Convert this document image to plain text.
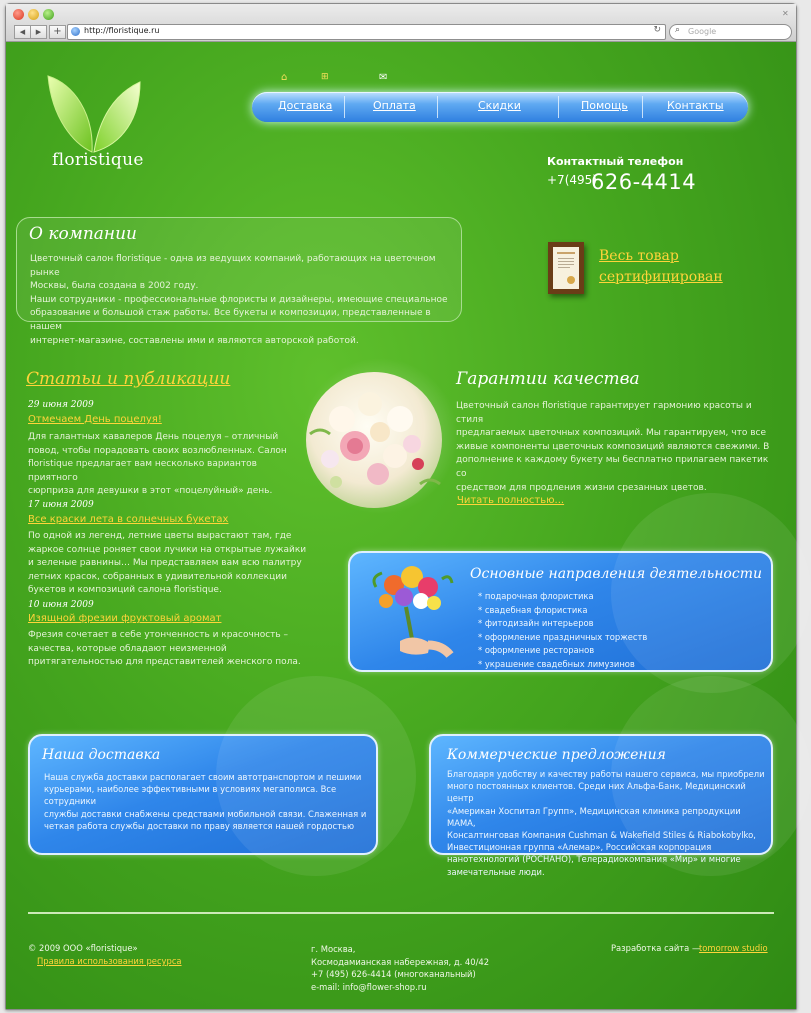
✕
◀	▶	+	http://floristique.ru	↻ ⌕ Google
floristique
⌂	⊞	✉
Доставка	Оплата	Скидки	Помощь	Контакты
Контактный телефон
+7(495)
626-4414
О компании
Цветочный салон floristique - одна из ведущих компаний, работающих на цветочном рынке
Москвы, была создана в 2002 году.
Наши сотрудники - профессиональные флористы и дизайнеры, имеющие специальное
образование и большой стаж работы. Все букеты и композиции, представленные в нашем
интернет-магазине, составлены ими и являются авторской работой.
Весь товар
сертифицирован
Статьи и публикации
29 июня 2009
Отмечаем День поцелуя!
Для галантных кавалеров День поцелуя – отличный
повод, чтобы порадовать своих возлюбленных. Салон
floristique предлагает вам несколько вариантов приятного
сюрприза для девушки в этот «поцелуйный» день.
17 июня 2009
Все краски лета в солнечных букетах
По одной из легенд, летние цветы вырастают там, где
жаркое солнце роняет свои лучики на открытые лужайки
и зеленые равнины… Мы представляем вам всю палитру
летних красок, собранных в удивительной коллекции
букетов и композиций салона floristique.
10 июня 2009
Изящной фрезии фруктовый аромат
Фрезия сочетает в себе утонченность и красочность –
качества, которые обладают неизменной
притягательностью для представителей женского пола.
Гарантии качества
Цветочный салон floristique гарантирует гармонию красоты и стиля
предлагаемых цветочных композиций. Мы гарантируем, что все
живые компоненты цветочных композиций являются свежими. В
дополнение к каждому букету мы бесплатно прилагаем пакетик со
средством для продления жизни срезанных цветов.
Читать полностью...
Основные направления деятельности
* подарочная флористика
* свадебная флористика
* фитодизайн интерьеров
* оформление праздничных торжеств
* оформление ресторанов
* украшение свадебных лимузинов
Наша доставка
Наша служба доставки располагает своим автотранспортом и пешими
курьерами, наиболее эффективными в условиях мегаполиса. Все сотрудники
службы доставки снабжены средствами мобильной связи. Слаженная и
четкая работа службы доставки по праву является нашей гордостью
Коммерческие предложения
Благодаря удобству и качеству работы нашего сервиса, мы приобрели
много постоянных клиентов. Среди них Альфа-Банк, Медицинский центр
«Американ Хоспитал Групп», Медицинская клиника репродукции МАМА,
Консалтинговая Компания Cushman & Wakefield Stiles & Riabokobylko,
Инвестиционная группа «Алемар», Российская корпорация
нанотехнологий (РОСНАНО), Телерадиокомпания «Мир» и многие
замечательные люди.
© 2009 ООО «floristique»
Правила использования ресурса
г. Москва,
Космодамианская набережная, д. 40/42
+7 (495) 626-4414 (многоканальный)
e-mail: info@flower-shop.ru
Разработка сайта —
tomorrow studio
